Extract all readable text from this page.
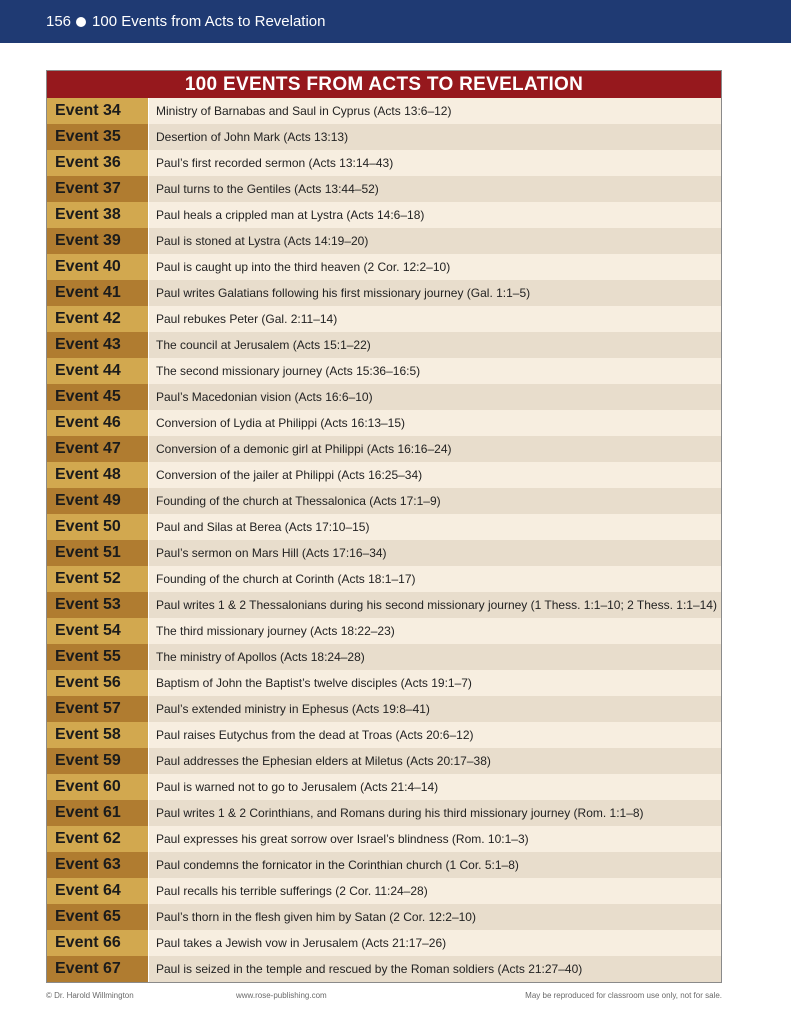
156 100 Events from Acts to Revelation
100 EVENTS FROM ACTS TO REVELATION
Event 34	Ministry of Barnabas and Saul in Cyprus (Acts 13:6–12)
Event 35	Desertion of John Mark (Acts 13:13)
Event 36	Paul’s first recorded sermon (Acts 13:14–43)
Event 37	Paul turns to the Gentiles (Acts 13:44–52)
Event 38	Paul heals a crippled man at Lystra (Acts 14:6–18)
Event 39	Paul is stoned at Lystra (Acts 14:19–20)
Event 40	Paul is caught up into the third heaven (2 Cor. 12:2–10)
Event 41	Paul writes Galatians following his first missionary journey (Gal. 1:1–5)
Event 42	Paul rebukes Peter (Gal. 2:11–14)
Event 43	The council at Jerusalem (Acts 15:1–22)
Event 44	The second missionary journey (Acts 15:36–16:5)
Event 45	Paul’s Macedonian vision (Acts 16:6–10)
Event 46	Conversion of Lydia at Philippi (Acts 16:13–15)
Event 47	Conversion of a demonic girl at Philippi (Acts 16:16–24)
Event 48	Conversion of the jailer at Philippi (Acts 16:25–34)
Event 49	Founding of the church at Thessalonica (Acts 17:1–9)
Event 50	Paul and Silas at Berea (Acts 17:10–15)
Event 51	Paul’s sermon on Mars Hill (Acts 17:16–34)
Event 52	Founding of the church at Corinth (Acts 18:1–17)
Event 53	Paul writes 1 & 2 Thessalonians during his second missionary journey (1 Thess. 1:1–10; 2 Thess. 1:1–14)
Event 54	The third missionary journey (Acts 18:22–23)
Event 55	The ministry of Apollos (Acts 18:24–28)
Event 56	Baptism of John the Baptist’s twelve disciples (Acts 19:1–7)
Event 57	Paul’s extended ministry in Ephesus (Acts 19:8–41)
Event 58	Paul raises Eutychus from the dead at Troas (Acts 20:6–12)
Event 59	Paul addresses the Ephesian elders at Miletus (Acts 20:17–38)
Event 60	Paul is warned not to go to Jerusalem (Acts 21:4–14)
Event 61	Paul writes 1 & 2 Corinthians, and Romans during his third missionary journey (Rom. 1:1–8)
Event 62	Paul expresses his great sorrow over Israel’s blindness (Rom. 10:1–3)
Event 63	Paul condemns the fornicator in the Corinthian church (1 Cor. 5:1–8)
Event 64	Paul recalls his terrible sufferings (2 Cor. 11:24–28)
Event 65	Paul’s thorn in the flesh given him by Satan (2 Cor. 12:2–10)
Event 66	Paul takes a Jewish vow in Jerusalem (Acts 21:17–26)
Event 67	Paul is seized in the temple and rescued by the Roman soldiers (Acts 21:27–40)
© Dr. Harold Willmington	www.rose-publishing.com	May be reproduced for classroom use only, not for sale.
